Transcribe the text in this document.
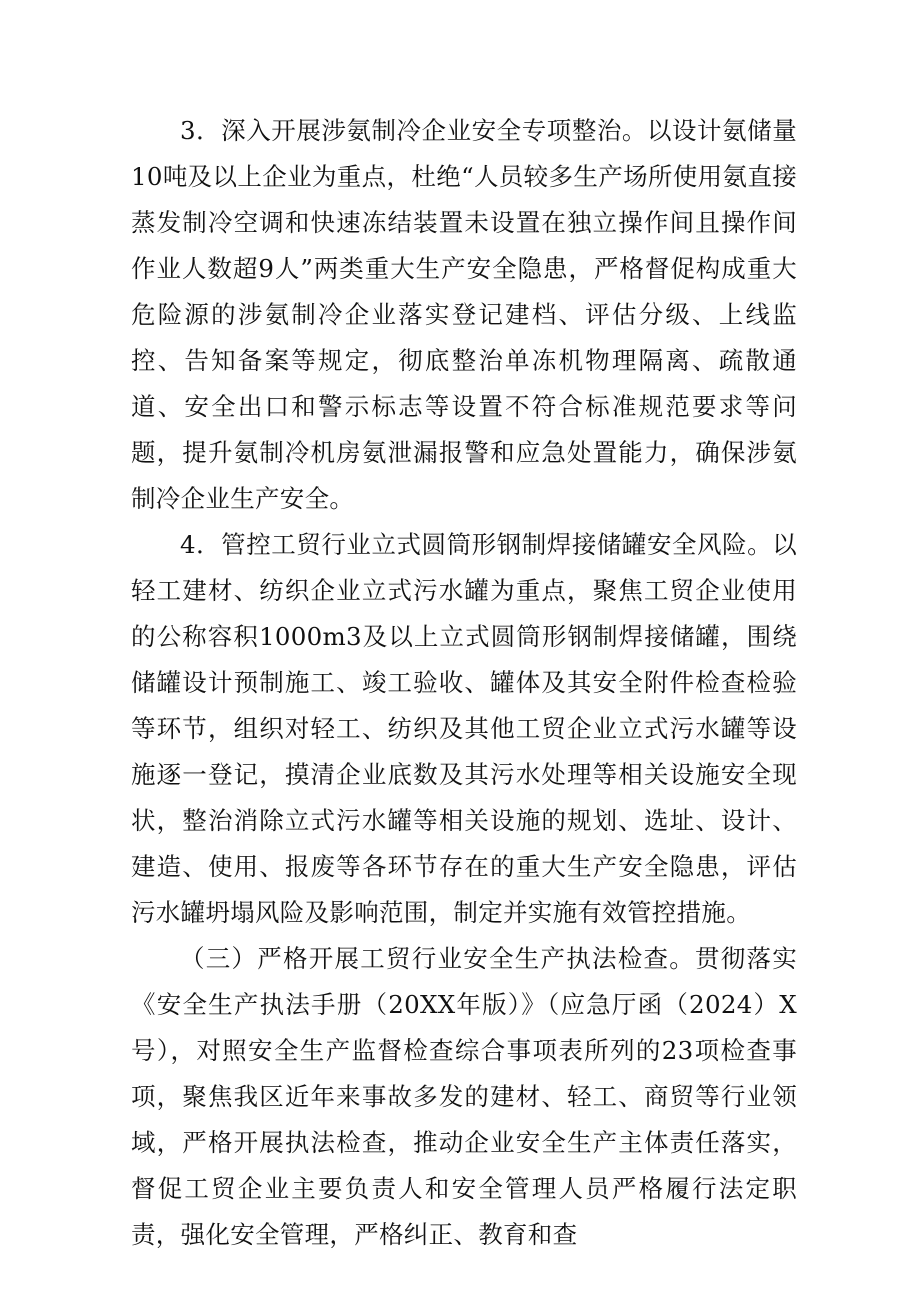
3．深入开展涉氨制冷企业安全专项整治。以设计氨储量10吨及以上企业为重点，杜绝“人员较多生产场所使用氨直接蒸发制冷空调和快速冻结装置未设置在独立操作间且操作间作业人数超9人”两类重大生产安全隐患，严格督促构成重大危险源的涉氨制冷企业落实登记建档、评估分级、上线监控、告知备案等规定，彻底整治单冻机物理隔离、疏散通道、安全出口和警示标志等设置不符合标准规范要求等问题，提升氨制冷机房氨泄漏报警和应急处置能力，确保涉氨制冷企业生产安全。

4．管控工贸行业立式圆筒形钢制焊接储罐安全风险。以轻工建材、纺织企业立式污水罐为重点，聚焦工贸企业使用的公称容积1000m3及以上立式圆筒形钢制焊接储罐，围绕储罐设计预制施工、竣工验收、罐体及其安全附件检查检验等环节，组织对轻工、纺织及其他工贸企业立式污水罐等设施逐一登记，摸清企业底数及其污水处理等相关设施安全现状，整治消除立式污水罐等相关设施的规划、选址、设计、建造、使用、报废等各环节存在的重大生产安全隐患，评估污水罐坍塌风险及影响范围，制定并实施有效管控措施。

（三）严格开展工贸行业安全生产执法检查。贯彻落实《安全生产执法手册（20XX年版）》（应急厅函（2024）X号），对照安全生产监督检查综合事项表所列的23项检查事项，聚焦我区近年来事故多发的建材、轻工、商贸等行业领域，严格开展执法检查，推动企业安全生产主体责任落实，督促工贸企业主要负责人和安全管理人员严格履行法定职责，强化安全管理，严格纠正、教育和查
